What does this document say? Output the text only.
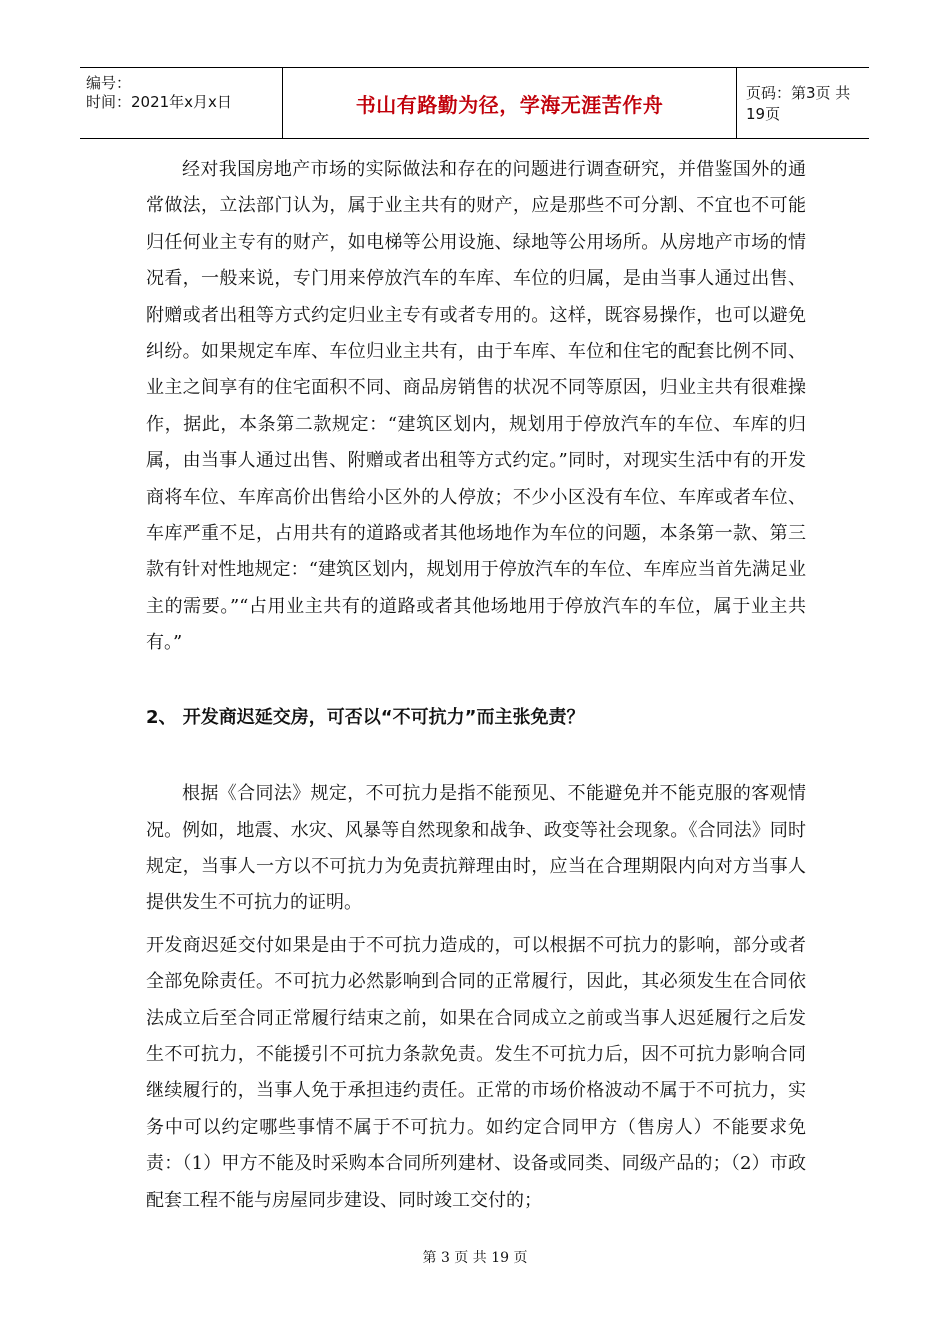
编号：
时间：2021年x月x日	书山有路勤为径，学海无涯苦作舟	页码：第3页 共19页

经对我国房地产市场的实际做法和存在的问题进行调查研究，并借鉴国外的通常做法，立法部门认为，属于业主共有的财产，应是那些不可分割、不宜也不可能归任何业主专有的财产，如电梯等公用设施、绿地等公用场所。从房地产市场的情况看，一般来说，专门用来停放汽车的车库、车位的归属，是由当事人通过出售、附赠或者出租等方式约定归业主专有或者专用的。这样，既容易操作，也可以避免纠纷。如果规定车库、车位归业主共有，由于车库、车位和住宅的配套比例不同、业主之间享有的住宅面积不同、商品房销售的状况不同等原因，归业主共有很难操作，据此，本条第二款规定：“建筑区划内，规划用于停放汽车的车位、车库的归属，由当事人通过出售、附赠或者出租等方式约定。”同时，对现实生活中有的开发商将车位、车库高价出售给小区外的人停放；不少小区没有车位、车库或者车位、车库严重不足，占用共有的道路或者其他场地作为车位的问题，本条第一款、第三款有针对性地规定：“建筑区划内，规划用于停放汽车的车位、车库应当首先满足业主的需要。”“占用业主共有的道路或者其他场地用于停放汽车的车位，属于业主共有。”

2、 开发商迟延交房，可否以“不可抗力”而主张免责？

根据《合同法》规定，不可抗力是指不能预见、不能避免并不能克服的客观情况。例如，地震、水灾、风暴等自然现象和战争、政变等社会现象。《合同法》同时规定，当事人一方以不可抗力为免责抗辩理由时，应当在合理期限内向对方当事人提供发生不可抗力的证明。

开发商迟延交付如果是由于不可抗力造成的，可以根据不可抗力的影响，部分或者全部免除责任。不可抗力必然影响到合同的正常履行，因此，其必须发生在合同依法成立后至合同正常履行结束之前，如果在合同成立之前或当事人迟延履行之后发生不可抗力，不能援引不可抗力条款免责。发生不可抗力后，因不可抗力影响合同继续履行的，当事人免于承担违约责任。正常的市场价格波动不属于不可抗力，实务中可以约定哪些事情不属于不可抗力。如约定合同甲方（售房人）不能要求免责：（1）甲方不能及时采购本合同所列建材、设备或同类、同级产品的；（2）市政配套工程不能与房屋同步建设、同时竣工交付的；

第 3 页 共 19 页
